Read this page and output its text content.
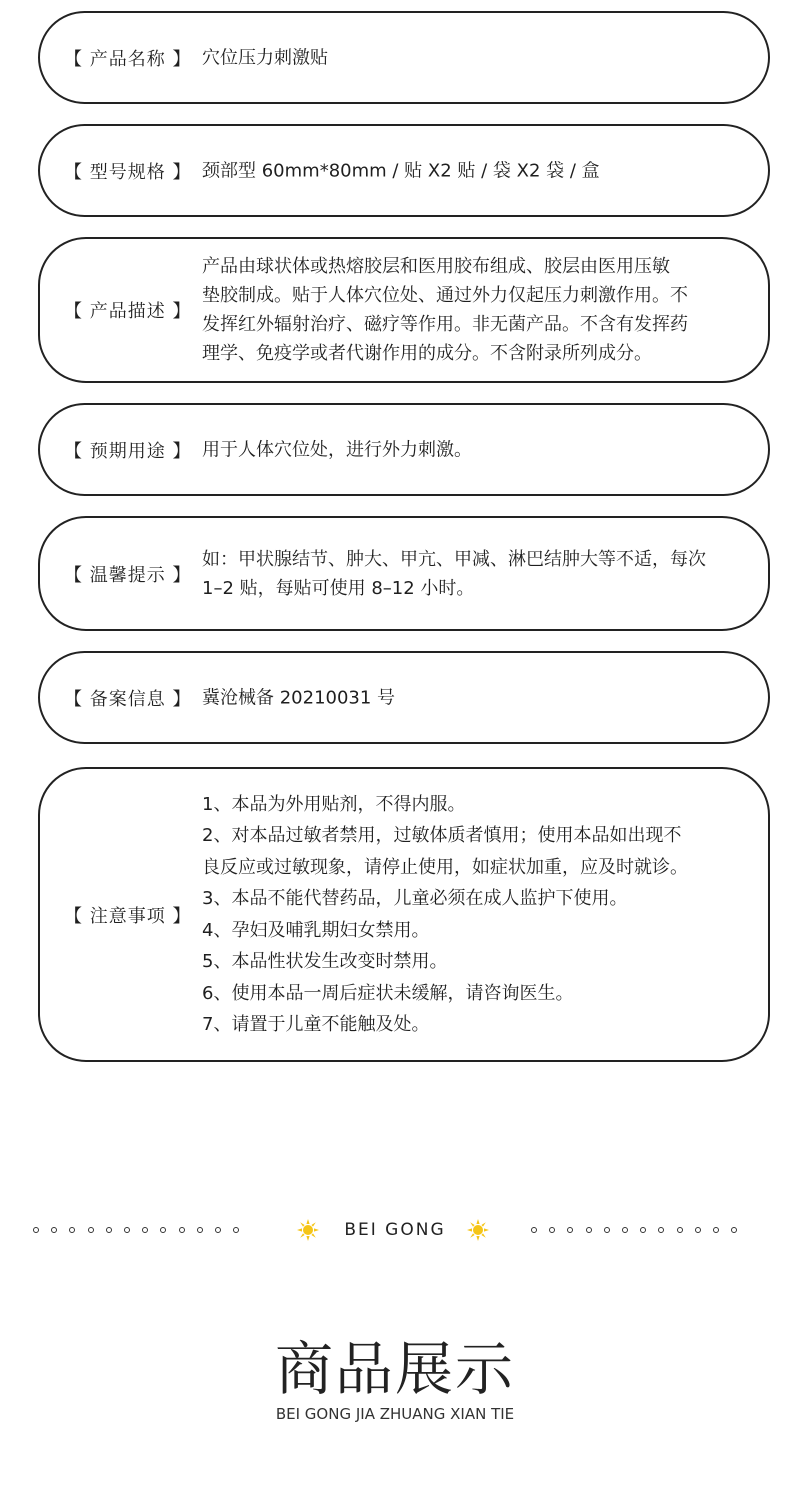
【 产品名称 】 穴位压力刺激贴
【 型号规格 】 颈部型 60mm*80mm / 贴 X2 贴 / 袋 X2 袋 / 盒
【 产品描述 】
产品由球状体或热熔胶层和医用胶布组成、胶层由医用压敏
垫胶制成。贴于人体穴位处、通过外力仅起压力刺激作用。不
发挥红外辐射治疗、磁疗等作用。非无菌产品。不含有发挥药
理学、免疫学或者代谢作用的成分。不含附录所列成分。
【 预期用途 】 用于人体穴位处，进行外力刺激。
【 温馨提示 】
如：甲状腺结节、肿大、甲亢、甲减、淋巴结肿大等不适，每次
1–2 贴，每贴可使用 8–12 小时。
【 备案信息 】 冀沧械备 20210031 号
【 注意事项 】
1、本品为外用贴剂，不得内服。
2、对本品过敏者禁用，过敏体质者慎用；使用本品如出现不
良反应或过敏现象，请停止使用，如症状加重，应及时就诊。
3、本品不能代替药品，儿童必须在成人监护下使用。
4、孕妇及哺乳期妇女禁用。
5、本品性状发生改变时禁用。
6、使用本品一周后症状未缓解，请咨询医生。
7、请置于儿童不能触及处。
BEI GONG
商品展示
BEI GONG JIA ZHUANG XIAN TIE
